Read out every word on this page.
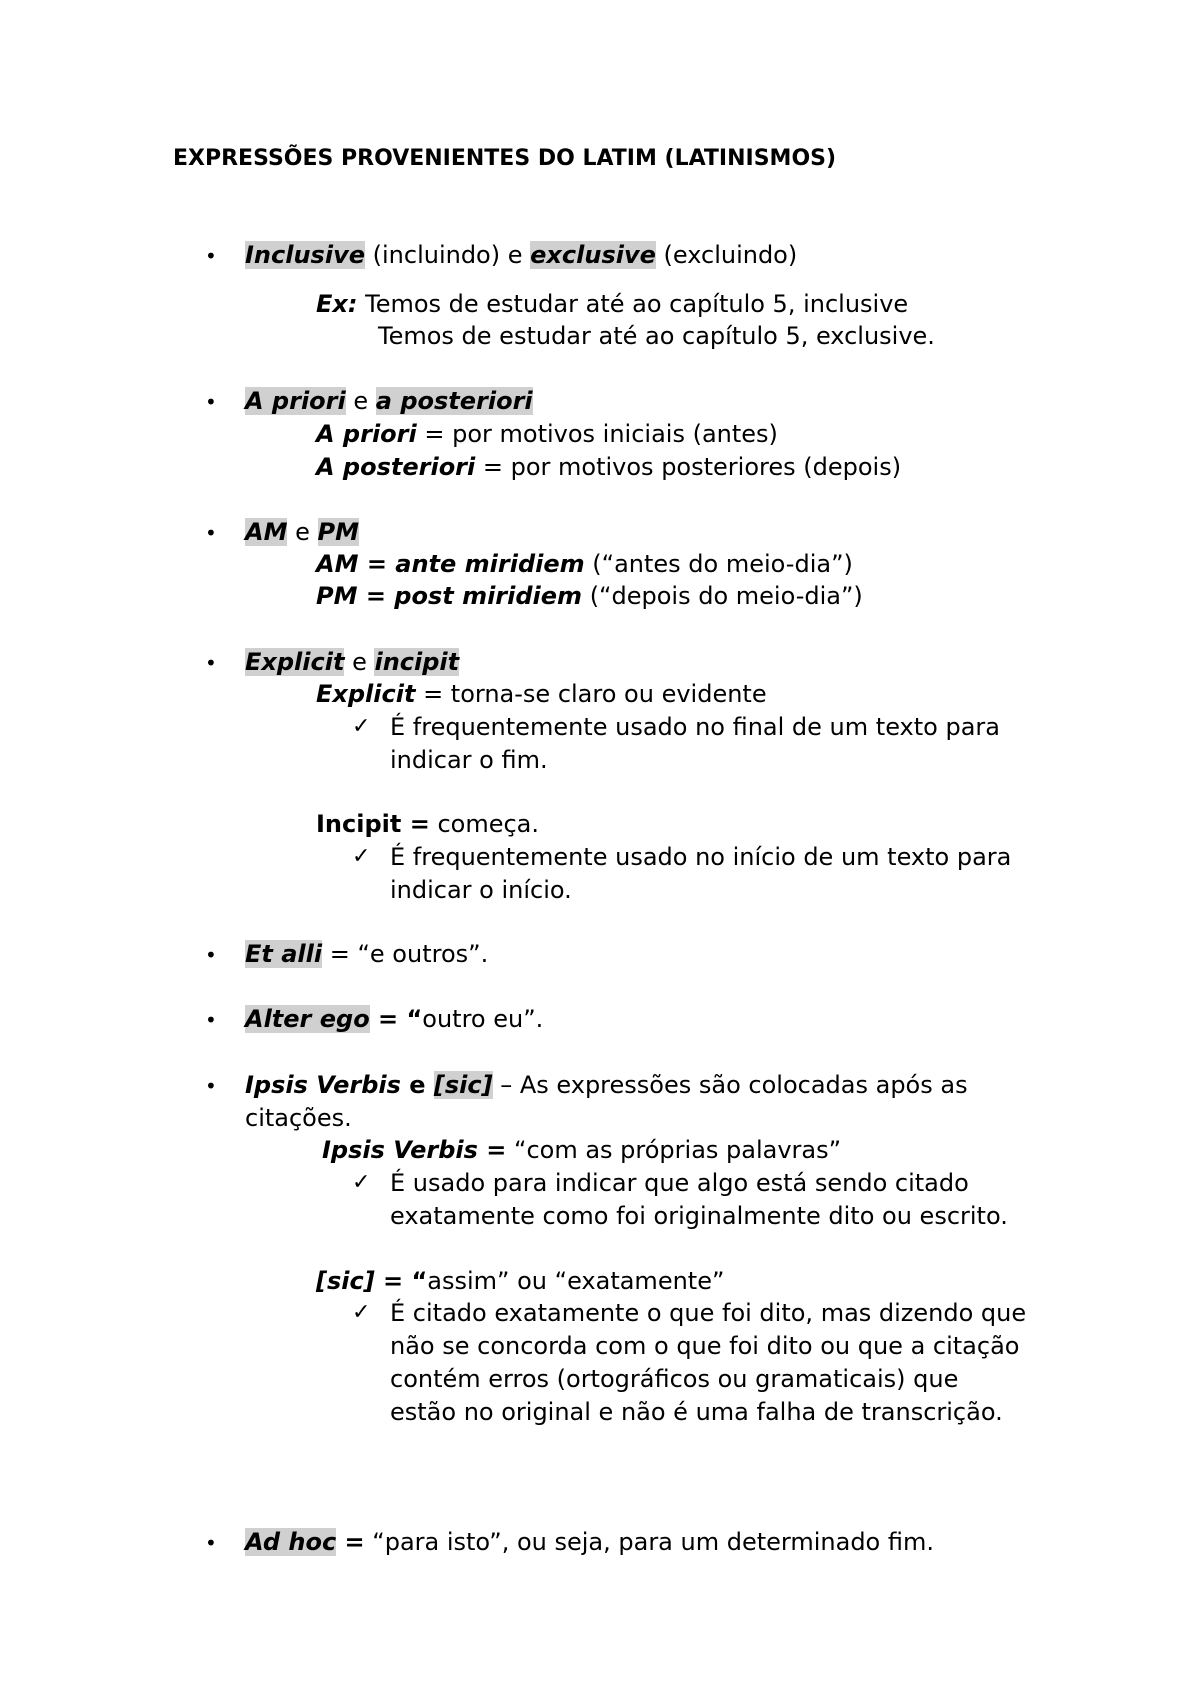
EXPRESSÕES PROVENIENTES DO LATIM (LATINISMOS)
• Inclusive (incluindo) e exclusive (excluindo)
Ex: Temos de estudar até ao capítulo 5, inclusive
Temos de estudar até ao capítulo 5, exclusive.
• A priori e a posteriori
A priori = por motivos iniciais (antes)
A posteriori = por motivos posteriores (depois)
• AM e PM
AM = ante miridiem (“antes do meio-dia”)
PM = post miridiem (“depois do meio-dia”)
• Explicit e incipit
Explicit = torna-se claro ou evidente
✓ É frequentemente usado no final de um texto para
indicar o fim.
Incipit = começa.
✓ É frequentemente usado no início de um texto para
indicar o início.
• Et alli = “e outros”.
• Alter ego = “outro eu”.
• Ipsis Verbis e [sic] – As expressões são colocadas após as
citações.
Ipsis Verbis = “com as próprias palavras”
✓ É usado para indicar que algo está sendo citado
exatamente como foi originalmente dito ou escrito.
[sic] = “assim” ou “exatamente”
✓ É citado exatamente o que foi dito, mas dizendo que
não se concorda com o que foi dito ou que a citação
contém erros (ortográficos ou gramaticais) que
estão no original e não é uma falha de transcrição.
• Ad hoc = “para isto”, ou seja, para um determinado fim.
